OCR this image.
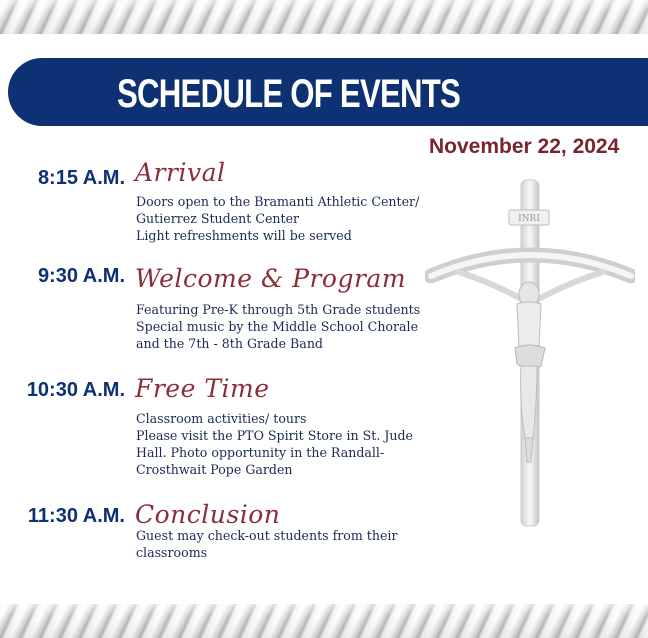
SCHEDULE OF EVENTS
November 22, 2024
8:15 A.M. Arrival
Doors open to the Bramanti Athletic Center/
Gutierrez Student Center
Light refreshments will be served
9:30 A.M. Welcome & Program
Featuring Pre-K through 5th Grade students
Special music by the Middle School Chorale
and the 7th - 8th Grade Band
10:30 A.M. Free Time
Classroom activities/ tours
Please visit the PTO Spirit Store in St. Jude
Hall. Photo opportunity in the Randall-
Crosthwait Pope Garden
11:30 A.M. Conclusion
Guest may check-out students from their
classrooms
INRI
